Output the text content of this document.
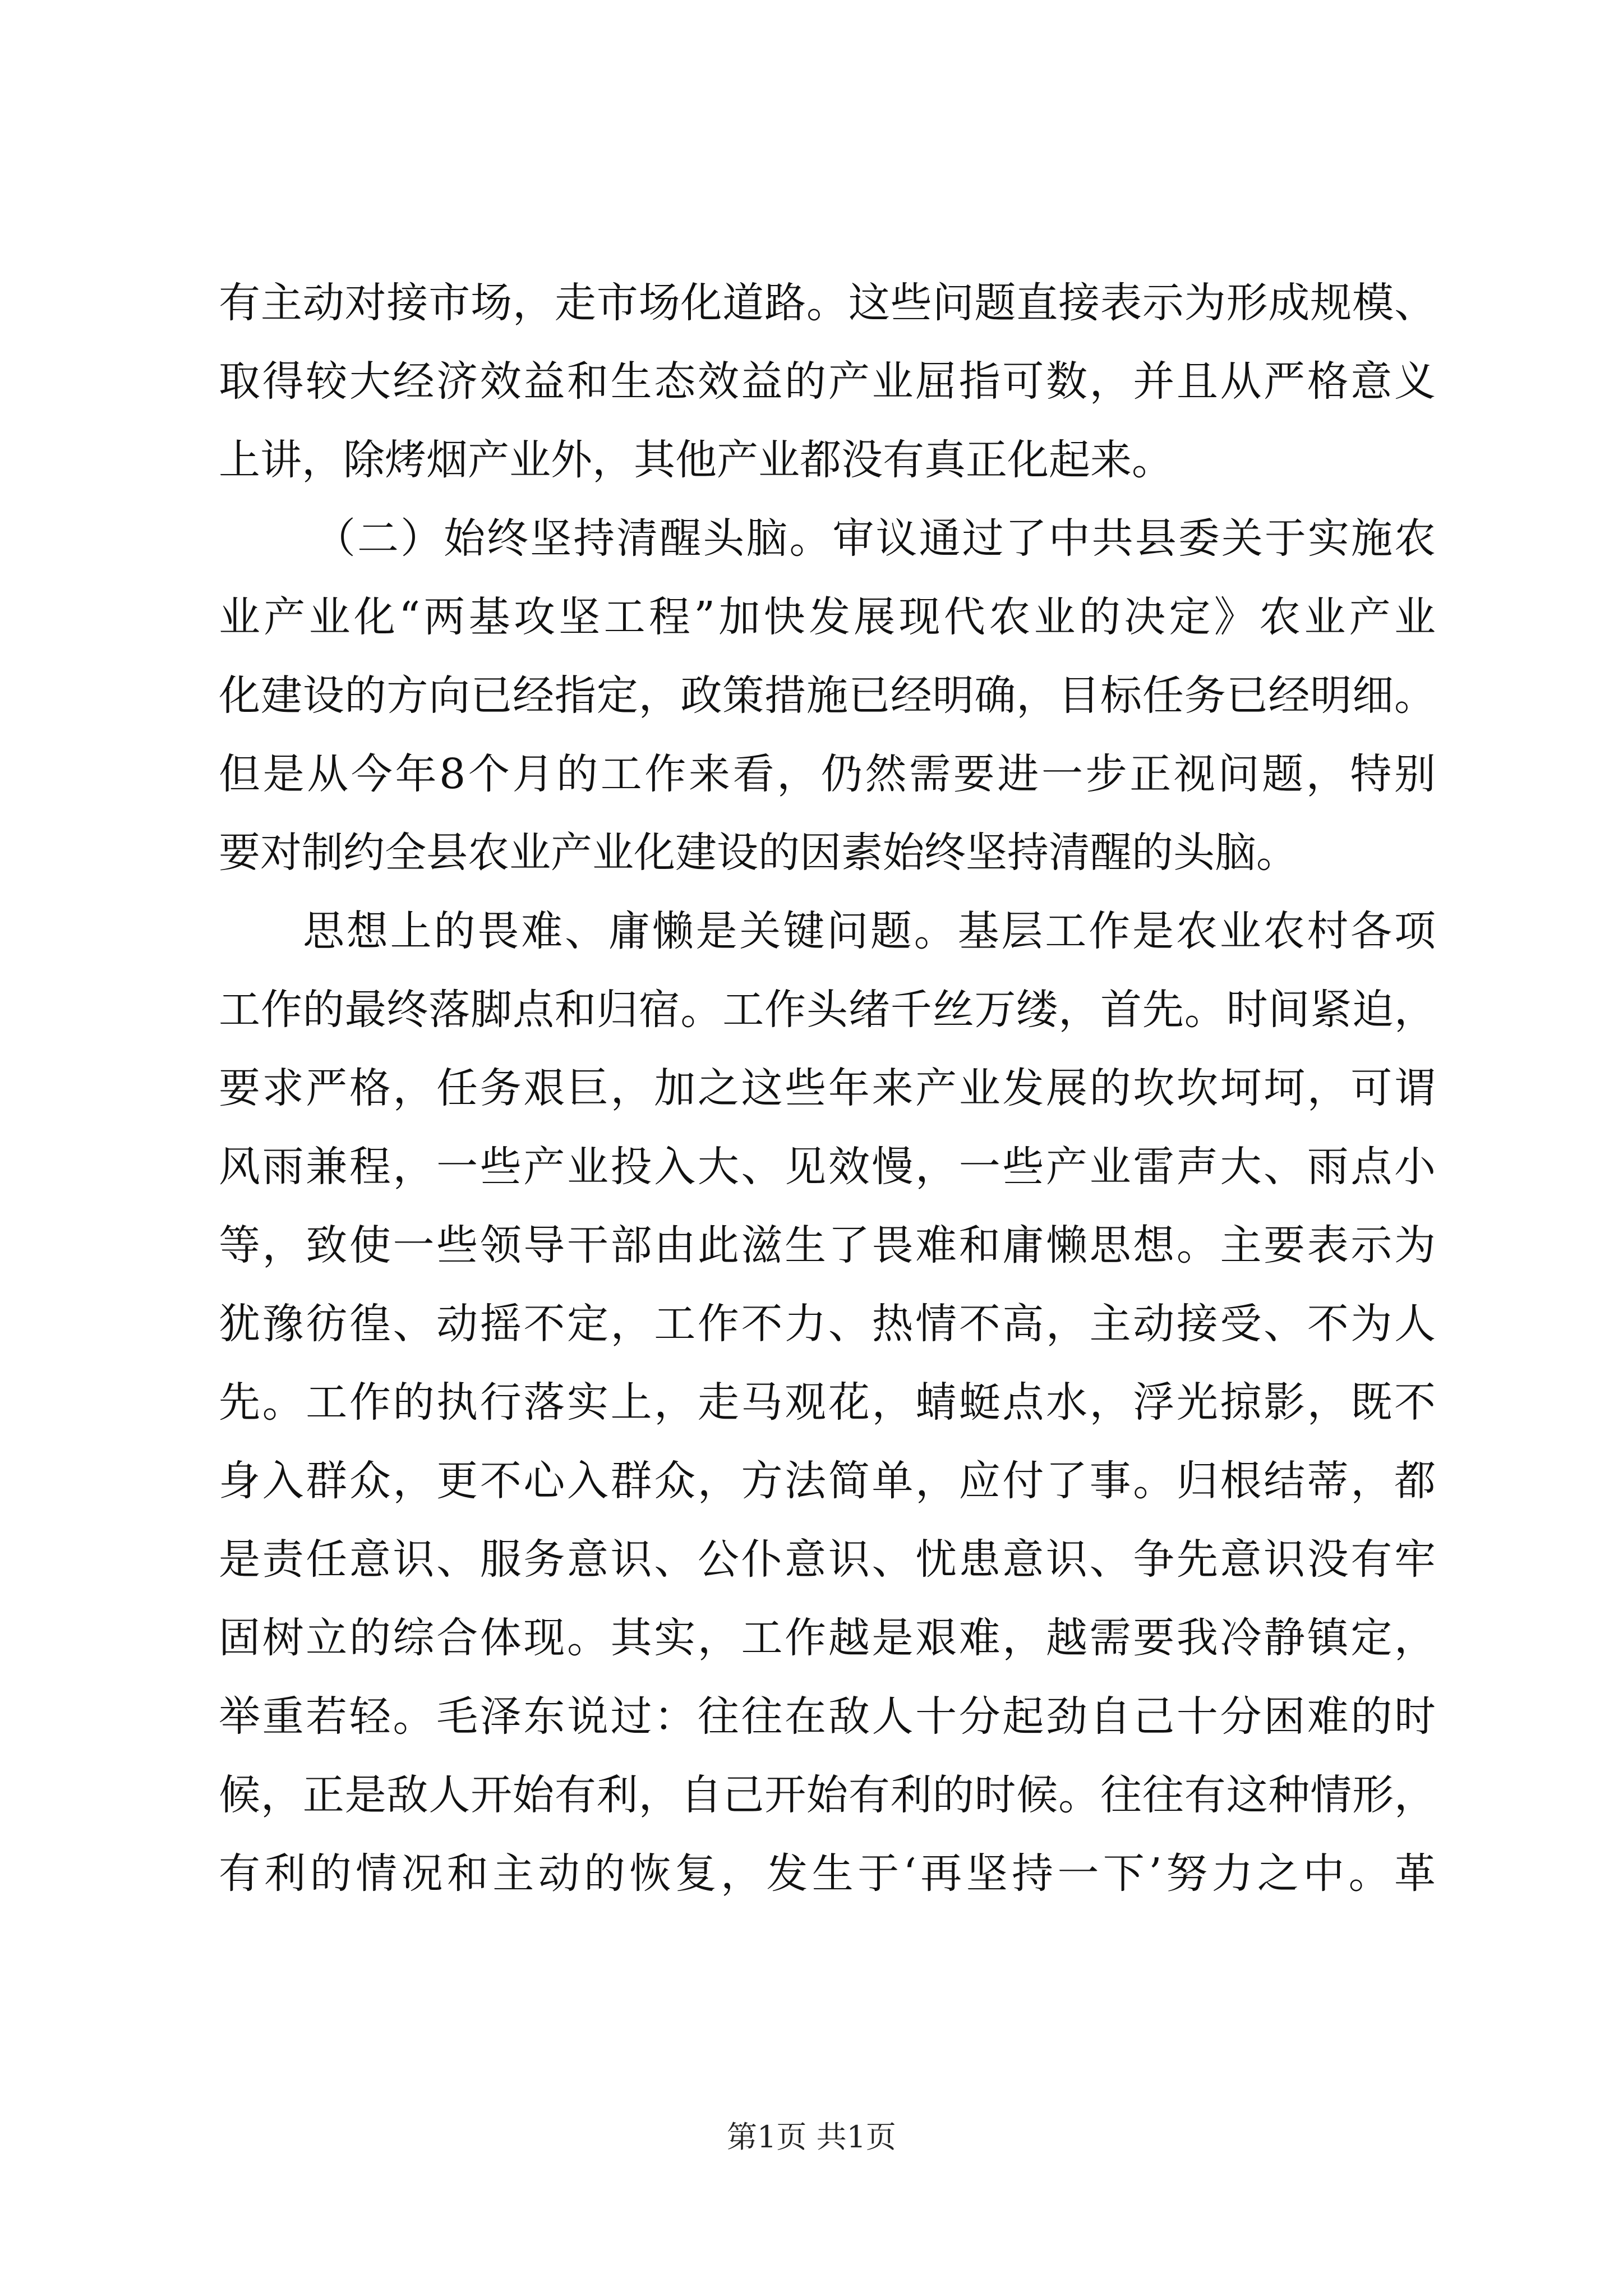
有主动对接市场，走市场化道路。这些问题直接表示为形成规模、
取得较大经济效益和生态效益的产业屈指可数，并且从严格意义
上讲，除烤烟产业外，其他产业都没有真正化起来。
（二）始终坚持清醒头脑。审议通过了中共县委关于实施农
业产业化“两基攻坚工程”加快发展现代农业的决定》农业产业
化建设的方向已经指定，政策措施已经明确，目标任务已经明细。
但是从今年8个月的工作来看，仍然需要进一步正视问题，特别
要对制约全县农业产业化建设的因素始终坚持清醒的头脑。
思想上的畏难、庸懒是关键问题。基层工作是农业农村各项
工作的最终落脚点和归宿。工作头绪千丝万缕，首先。时间紧迫，
要求严格，任务艰巨，加之这些年来产业发展的坎坎坷坷，可谓
风雨兼程，一些产业投入大、见效慢，一些产业雷声大、雨点小
等，致使一些领导干部由此滋生了畏难和庸懒思想。主要表示为
犹豫彷徨、动摇不定，工作不力、热情不高，主动接受、不为人
先。工作的执行落实上，走马观花，蜻蜓点水，浮光掠影，既不
身入群众，更不心入群众，方法简单，应付了事。归根结蒂，都
是责任意识、服务意识、公仆意识、忧患意识、争先意识没有牢
固树立的综合体现。其实，工作越是艰难，越需要我冷静镇定，
举重若轻。毛泽东说过：往往在敌人十分起劲自己十分困难的时
候，正是敌人开始有利，自己开始有利的时候。往往有这种情形，
有利的情况和主动的恢复，发生于‘再坚持一下’努力之中。革
第1页 共1页
